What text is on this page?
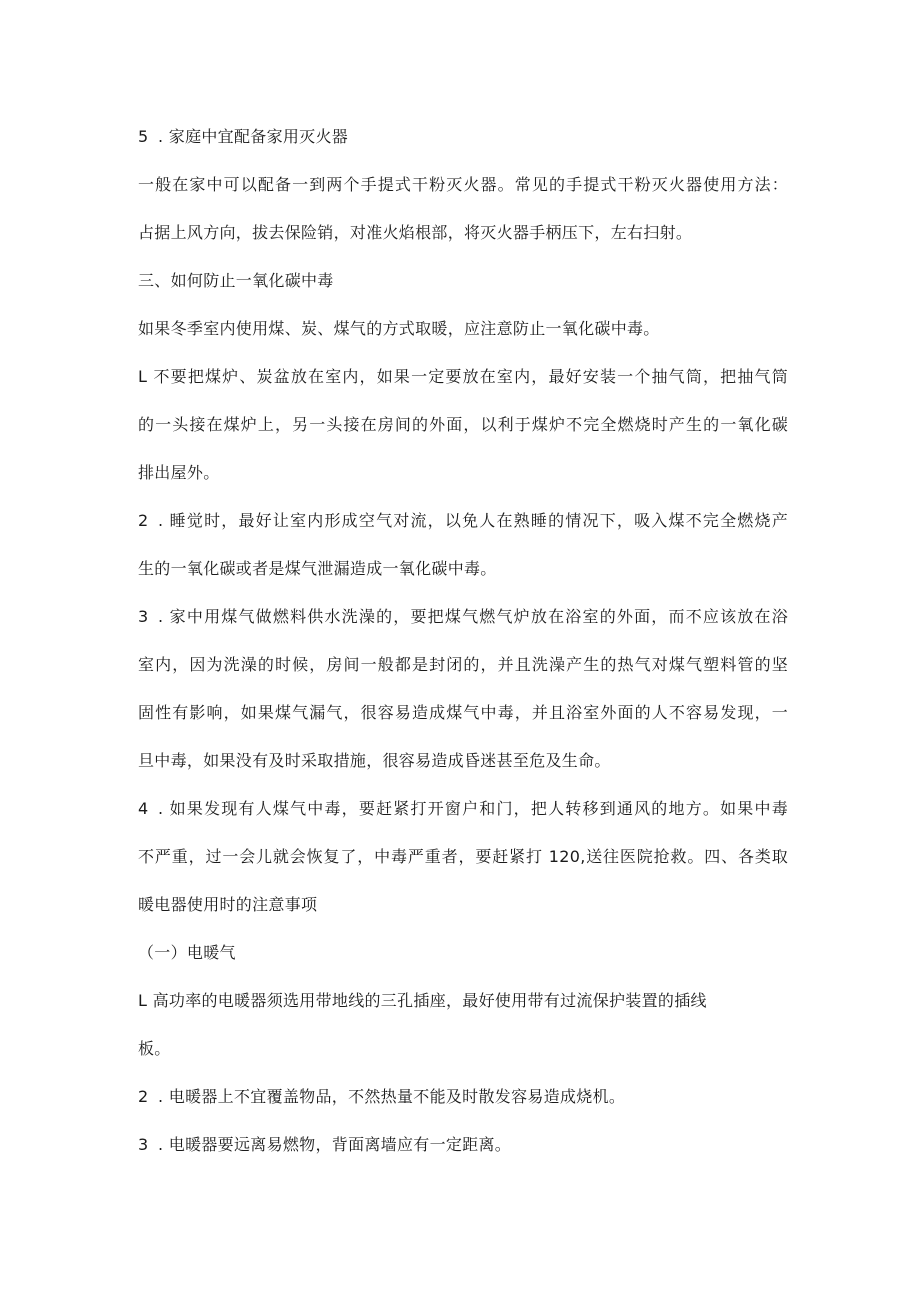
5 . 家庭中宜配备家用灭火器
一般在家中可以配备一到两个手提式干粉灭火器。常见的手提式干粉灭火器使用方法：
占据上风方向，拔去保险销，对准火焰根部，将灭火器手柄压下，左右扫射。
三、如何防止一氧化碳中毒
如果冬季室内使用煤、炭、煤气的方式取暖，应注意防止一氧化碳中毒。
L 不要把煤炉、炭盆放在室内，如果一定要放在室内，最好安装一个抽气筒，把抽气筒
的一头接在煤炉上，另一头接在房间的外面，以利于煤炉不完全燃烧时产生的一氧化碳
排出屋外。
2 . 睡觉时，最好让室内形成空气对流，以免人在熟睡的情况下，吸入煤不完全燃烧产
生的一氧化碳或者是煤气泄漏造成一氧化碳中毒。
3 . 家中用煤气做燃料供水洗澡的，要把煤气燃气炉放在浴室的外面，而不应该放在浴
室内，因为洗澡的时候，房间一般都是封闭的，并且洗澡产生的热气对煤气塑料管的坚
固性有影响，如果煤气漏气，很容易造成煤气中毒，并且浴室外面的人不容易发现，一
旦中毒，如果没有及时采取措施，很容易造成昏迷甚至危及生命。
4 . 如果发现有人煤气中毒，要赶紧打开窗户和门，把人转移到通风的地方。如果中毒
不严重，过一会儿就会恢复了，中毒严重者，要赶紧打 120,送往医院抢救。四、各类取
暖电器使用时的注意事项
（一）电暖气
L 高功率的电暖器须选用带地线的三孔插座，最好使用带有过流保护装置的插线
板。
2 . 电暖器上不宜覆盖物品，不然热量不能及时散发容易造成烧机。
3 . 电暖器要远离易燃物，背面离墙应有一定距离。
